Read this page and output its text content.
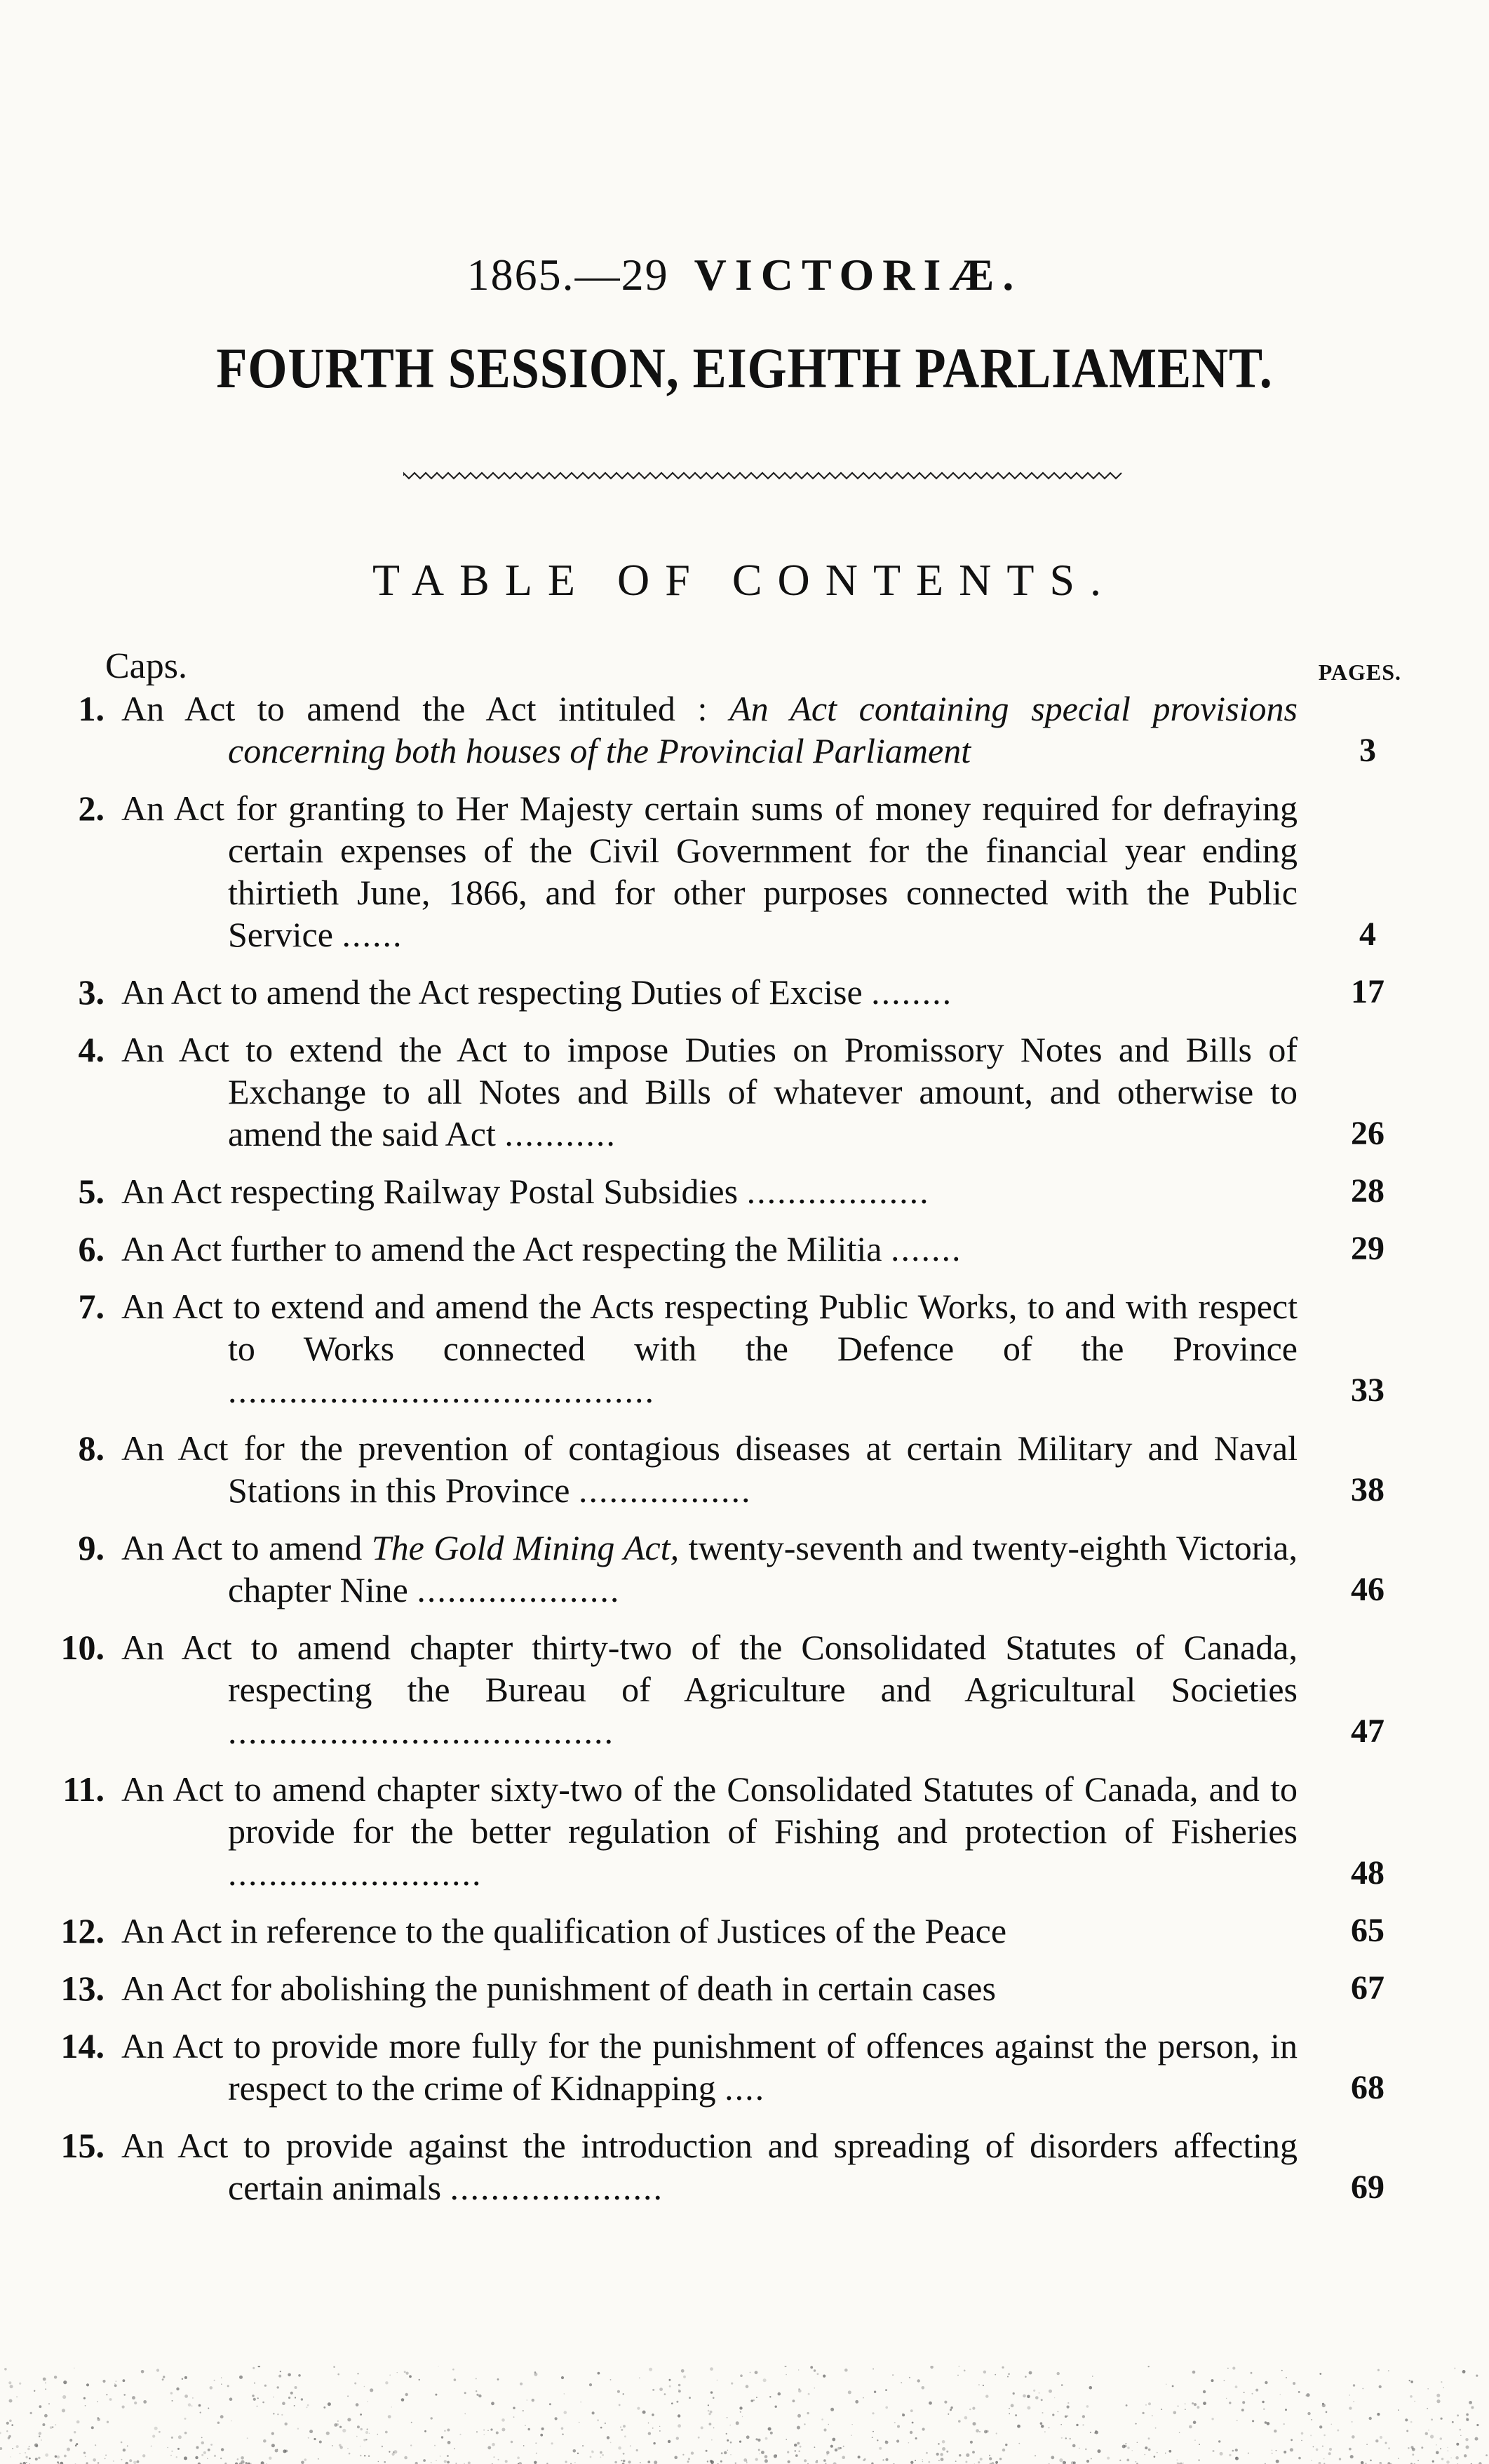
1865.—29 VICTORIÆ.
FOURTH SESSION, EIGHTH PARLIAMENT.
TABLE OF CONTENTS.
Caps.	PAGES.
1. An Act to amend the Act intituled : An Act containing special provisions concerning both houses of the Provincial Parliament	3
2. An Act for granting to Her Majesty certain sums of money required for defraying certain expenses of the Civil Government for the financial year ending thirtieth June, 1866, and for other purposes connected with the Public Service ......	4
3. An Act to amend the Act respecting Duties of Excise ........	17
4. An Act to extend the Act to impose Duties on Promissory Notes and Bills of Exchange to all Notes and Bills of whatever amount, and otherwise to amend the said Act ...........	26
5. An Act respecting Railway Postal Subsidies ..................	28
6. An Act further to amend the Act respecting the Militia .......	29
7. An Act to extend and amend the Acts respecting Public Works, to and with respect to Works connected with the Defence of the Province ..........................................	33
8. An Act for the prevention of contagious diseases at certain Military and Naval Stations in this Province .................	38
9. An Act to amend The Gold Mining Act, twenty-seventh and twenty-eighth Victoria, chapter Nine ....................	46
10. An Act to amend chapter thirty-two of the Consolidated Statutes of Canada, respecting the Bureau of Agriculture and Agricultural Societies ......................................	47
11. An Act to amend chapter sixty-two of the Consolidated Statutes of Canada, and to provide for the better regulation of Fishing and protection of Fisheries .........................	48
12. An Act in reference to the qualification of Justices of the Peace	65
13. An Act for abolishing the punishment of death in certain cases	67
14. An Act to provide more fully for the punishment of offences against the person, in respect to the crime of Kidnapping ....	68
15. An Act to provide against the introduction and spreading of disorders affecting certain animals .....................	69
